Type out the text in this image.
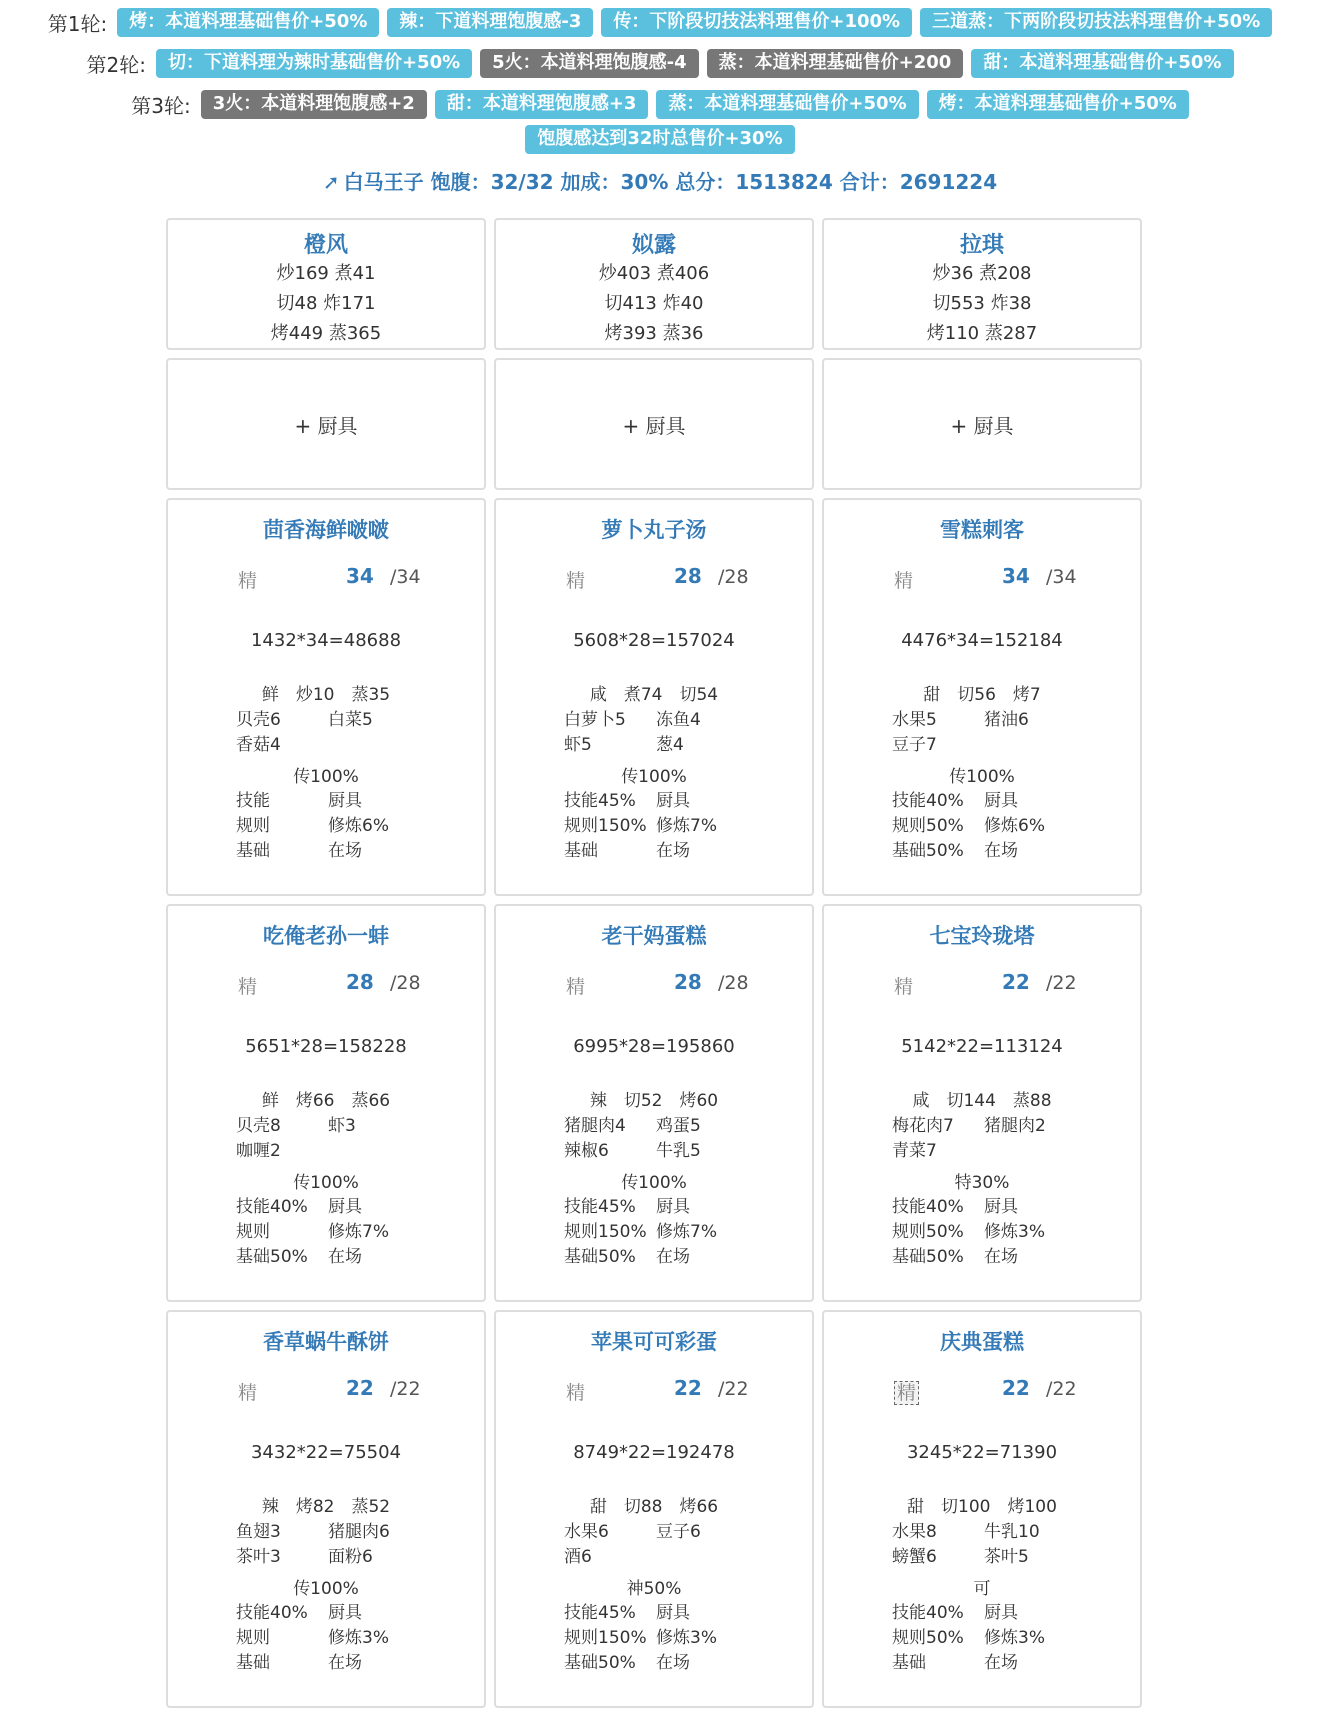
第1轮:	烤：本道料理基础售价+50%	辣：下道料理饱腹感-3	传：下阶段切技法料理售价+100%	三道蒸：下两阶段切技法料理售价+50%
第2轮:	切：下道料理为辣时基础售价+50%	5火：本道料理饱腹感-4	蒸：本道料理基础售价+200	甜：本道料理基础售价+50%
第3轮:	3火：本道料理饱腹感+2	甜：本道料理饱腹感+3	蒸：本道料理基础售价+50%	烤：本道料理基础售价+50%
饱腹感达到32时总售价+30%
➚ 白马王子 饱腹：32/32 加成：30% 总分：1513824 合计：2691224
橙风
炒169 煮41
切48 炸171
烤449 蒸365
姒露
炒403 煮406
切413 炸40
烤393 蒸36
拉琪
炒36 煮208
切553 炸38
烤110 蒸287
+ 厨具	+ 厨具	+ 厨具
茴香海鲜啵啵
精	34 /34
1432*34=48688
鲜　炒10　蒸35
贝壳6	白菜5
香菇4
传100%
技能	厨具
规则	修炼6%
基础	在场
萝卜丸子汤
精	28 /28
5608*28=157024
咸　煮74　切54
白萝卜5 冻鱼4
虾5	葱4
传100%
技能45% 厨具
规则150% 修炼7%
基础	在场
雪糕刺客
精	34 /34
4476*34=152184
甜　切56　烤7
水果5	猪油6
豆子7
传100%
技能40% 厨具
规则50% 修炼6%
基础50% 在场
吃俺老孙一蚌
精	28 /28
5651*28=158228
鲜　烤66　蒸66
贝壳8	虾3
咖喱2
传100%
技能40% 厨具
规则	修炼7%
基础50% 在场
老干妈蛋糕
精	28 /28
6995*28=195860
辣　切52　烤60
猪腿肉4 鸡蛋5
辣椒6	牛乳5
传100%
技能45% 厨具
规则150% 修炼7%
基础50% 在场
七宝玲珑塔
精	22 /22
5142*22=113124
咸　切144　蒸88
梅花肉7 猪腿肉2
青菜7
特30%
技能40% 厨具
规则50% 修炼3%
基础50% 在场
香草蜗牛酥饼
精	22 /22
3432*22=75504
辣　烤82　蒸52
鱼翅3	猪腿肉6
茶叶3	面粉6
传100%
技能40% 厨具
规则	修炼3%
基础	在场
苹果可可彩蛋
精	22 /22
8749*22=192478
甜　切88　烤66
水果6	豆子6
酒6
神50%
技能45% 厨具
规则150% 修炼3%
基础50% 在场
庆典蛋糕
精	22 /22
3245*22=71390
甜　切100　烤100
水果8	牛乳10
螃蟹6	茶叶5
可
技能40% 厨具
规则50% 修炼3%
基础	在场
